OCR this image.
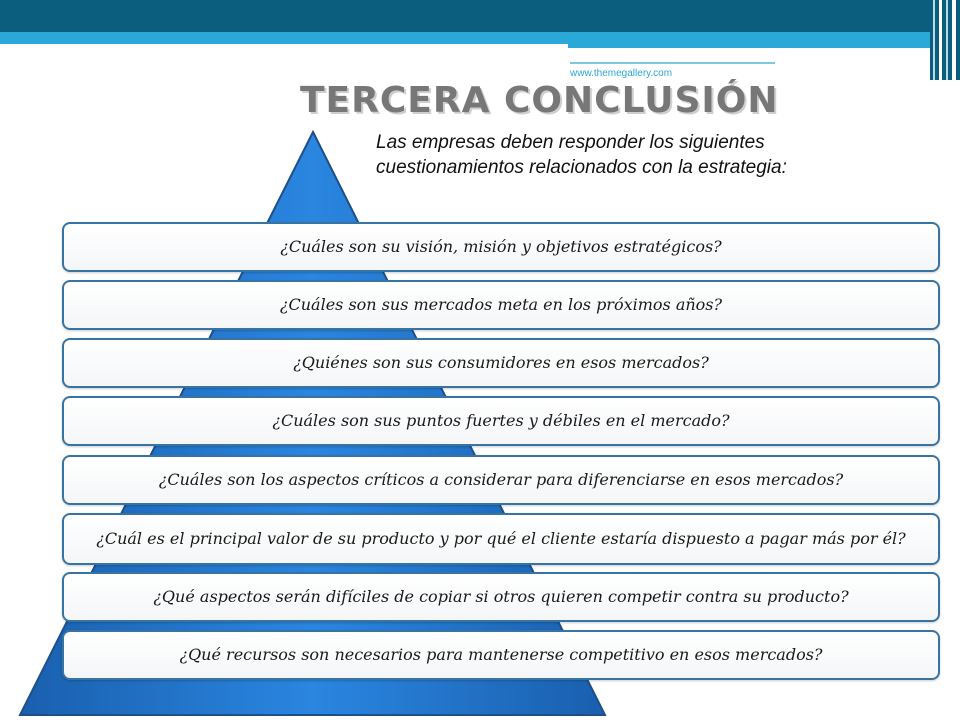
www.themegallery.com
TERCERA CONCLUSIÓN
Las empresas deben responder los siguientes cuestionamientos relacionados con la estrategia:
¿Cuáles son su visión, misión y objetivos estratégicos?
¿Cuáles son sus mercados meta en los próximos años?
¿Quiénes son sus consumidores en esos mercados?
¿Cuáles son sus puntos fuertes y débiles en el mercado?
¿Cuáles son los aspectos críticos a considerar para diferenciarse en esos mercados?
¿Cuál es el principal valor de su producto y por qué el cliente estaría dispuesto a pagar más por él?
¿Qué aspectos serán difíciles de copiar si otros quieren competir contra su producto?
¿Qué recursos son necesarios para mantenerse competitivo en esos mercados?
